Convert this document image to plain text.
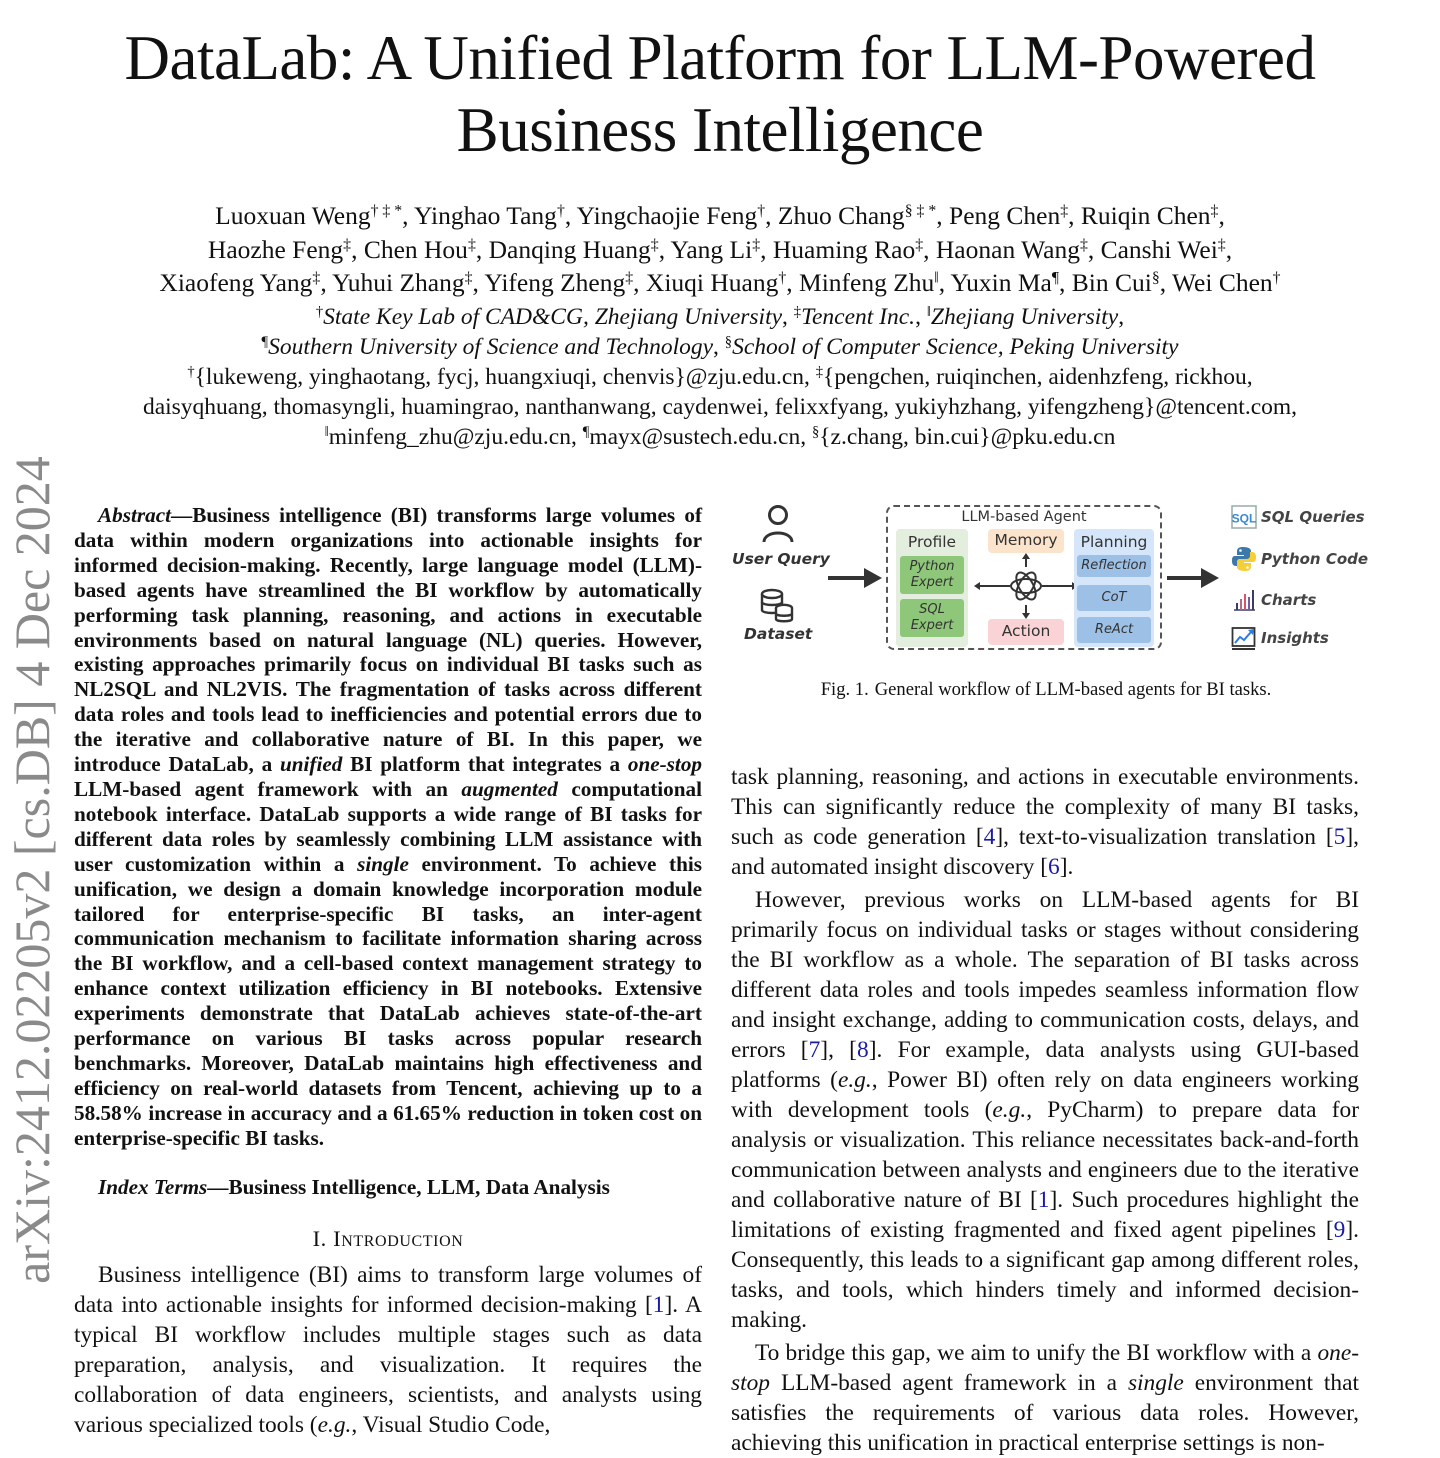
DataLab: A Unified Platform for LLM-Powered
Business Intelligence
Luoxuan Weng† ‡ *, Yinghao Tang†, Yingchaojie Feng†, Zhuo Chang§ ‡ *, Peng Chen‡, Ruiqin Chen‡,
Haozhe Feng‡, Chen Hou‡, Danqing Huang‡, Yang Li‡, Huaming Rao‡, Haonan Wang‡, Canshi Wei‡,
Xiaofeng Yang‡, Yuhui Zhang‡, Yifeng Zheng‡, Xiuqi Huang†, Minfeng Zhu‖, Yuxin Ma¶, Bin Cui§, Wei Chen†
†State Key Lab of CAD&CG, Zhejiang University, ‡Tencent Inc., ‖Zhejiang University,
¶Southern University of Science and Technology, §School of Computer Science, Peking University
†{lukeweng, yinghaotang, fycj, huangxiuqi, chenvis}@zju.edu.cn, ‡{pengchen, ruiqinchen, aidenhzfeng, rickhou,
daisyqhuang, thomasyngli, huamingrao, nanthanwang, caydenwei, felixxfyang, yukiyhzhang, yifengzheng}@tencent.com,
‖minfeng_zhu@zju.edu.cn, ¶mayx@sustech.edu.cn, §{z.chang, bin.cui}@pku.edu.cn
arXiv:2412.02205v2 [cs.DB] 4 Dec 2024	Abstract—Business intelligence (BI) transforms large volumes of data within modern organizations into actionable insights for informed decision-making. Recently, large language model (LLM)-based agents have streamlined the BI workflow by automatically performing task planning, reasoning, and actions in executable environments based on natural language (NL) queries. However, existing approaches primarily focus on individual BI tasks such as NL2SQL and NL2VIS. The fragmentation of tasks across different data roles and tools lead to inefficiencies and potential errors due to the iterative and collaborative nature of BI. In this paper, we introduce DataLab, a unified BI platform that integrates a one-stop LLM-based agent framework with an augmented computational notebook interface. DataLab supports a wide range of BI tasks for different data roles by seamlessly combining LLM assistance with user customization within a single environment. To achieve this unification, we design a domain knowledge incorporation module tailored for enterprise-specific BI tasks, an inter-agent communication mechanism to facilitate information sharing across the BI workflow, and a cell-based context management strategy to enhance context utilization efficiency in BI notebooks. Extensive experiments demonstrate that DataLab achieves state-of-the-art performance on various BI tasks across popular research benchmarks. Moreover, DataLab maintains high effectiveness and efficiency on real-world datasets from Tencent, achieving up to a 58.58% increase in accuracy and a 61.65% reduction in token cost on enterprise-specific BI tasks.

Index Terms—Business Intelligence, LLM, Data Analysis

I. Introduction

Business intelligence (BI) aims to transform large volumes of data into actionable insights for informed decision-making [1]. A typical BI workflow includes multiple stages such as data preparation, analysis, and visualization. It requires the collaboration of data engineers, scientists, and analysts using various specialized tools (e.g., Visual Studio Code,

User Query
Dataset
LLM-based Agent
Profile
Python Expert
SQL Expert
Memory
Action
Planning
Reflection
CoT
ReAct
SQL SQL Queries
Python Code
Charts
Insights
Fig. 1. General workflow of LLM-based agents for BI tasks.

task planning, reasoning, and actions in executable environments. This can significantly reduce the complexity of many BI tasks, such as code generation [4], text-to-visualization translation [5], and automated insight discovery [6].

However, previous works on LLM-based agents for BI primarily focus on individual tasks or stages without considering the BI workflow as a whole. The separation of BI tasks across different data roles and tools impedes seamless information flow and insight exchange, adding to communication costs, delays, and errors [7], [8]. For example, data analysts using GUI-based platforms (e.g., Power BI) often rely on data engineers working with development tools (e.g., PyCharm) to prepare data for analysis or visualization. This reliance necessitates back-and-forth communication between analysts and engineers due to the iterative and collaborative nature of BI [1]. Such procedures highlight the limitations of existing fragmented and fixed agent pipelines [9]. Consequently, this leads to a significant gap among different roles, tasks, and tools, which hinders timely and informed decision-making.

To bridge this gap, we aim to unify the BI workflow with a one-stop LLM-based agent framework in a single environment that satisfies the requirements of various data roles. However, achieving this unification in practical enterprise settings is non-
